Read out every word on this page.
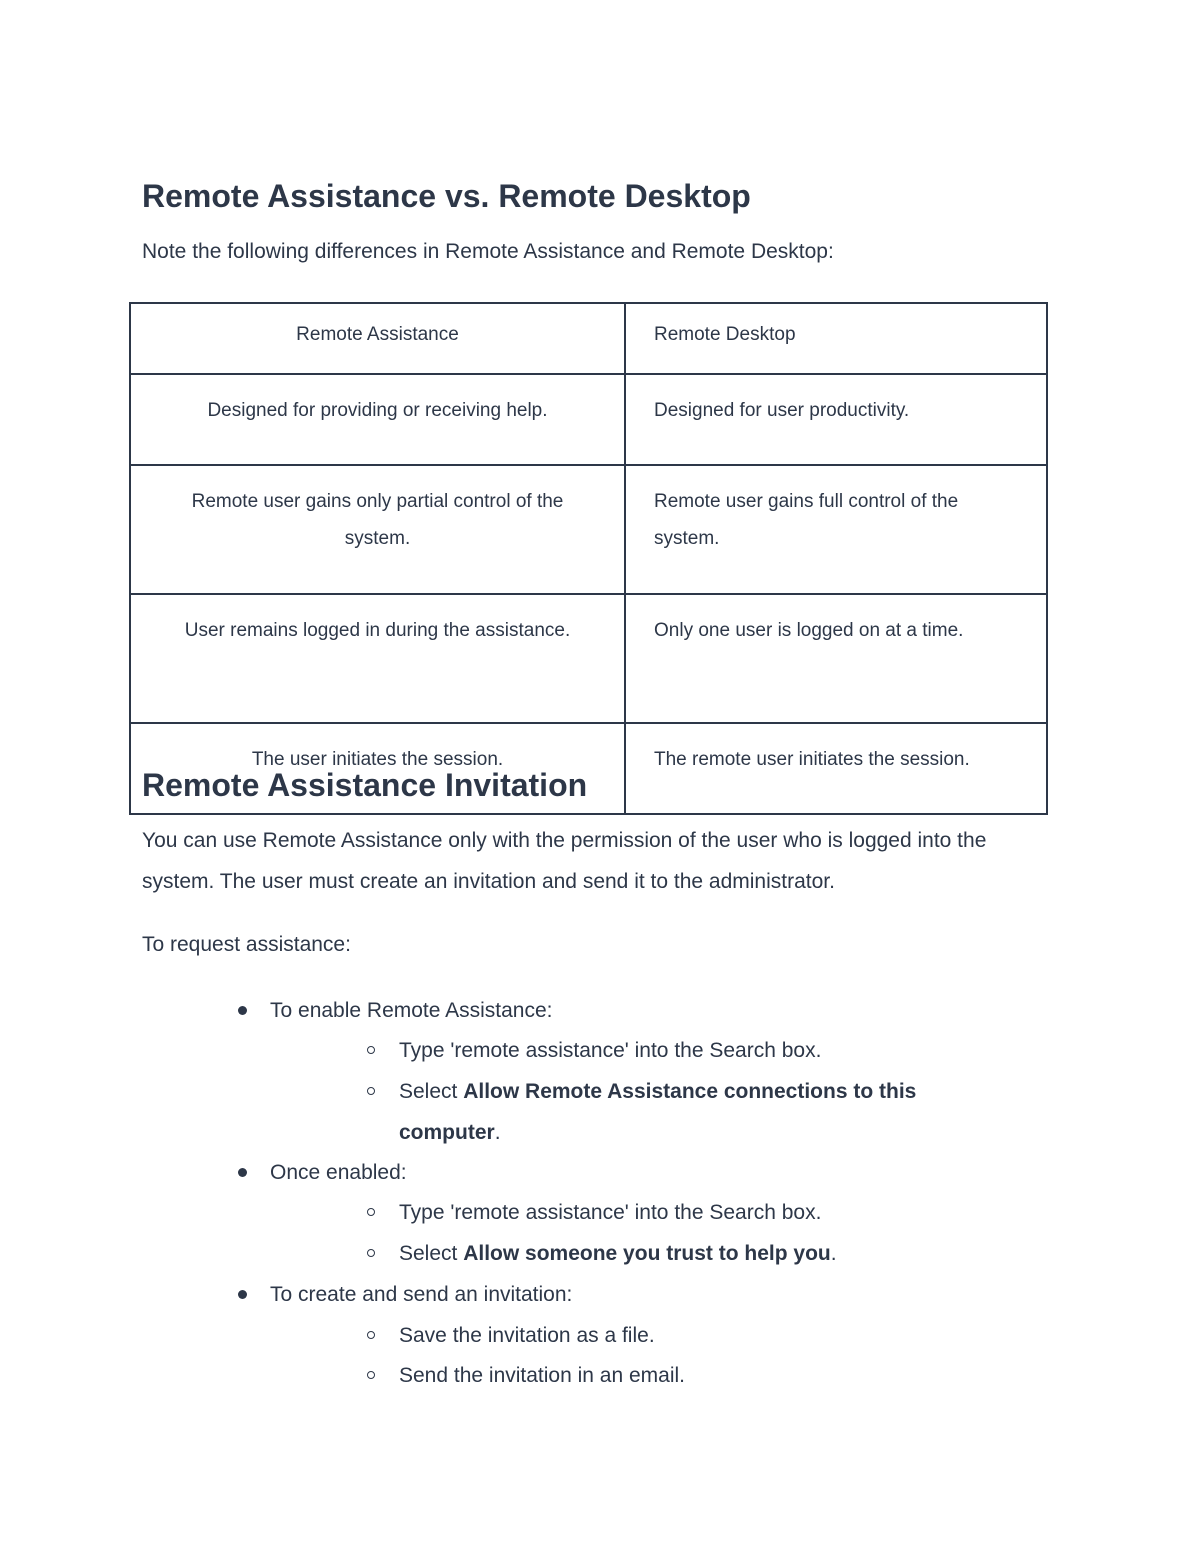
Remote Assistance vs. Remote Desktop

Note the following differences in Remote Assistance and Remote Desktop:

Remote Assistance	Remote Desktop
Designed for providing or receiving help.	Designed for user productivity.
Remote user gains only partial control of the system.	Remote user gains full control of the system.
User remains logged in during the assistance.	Only one user is logged on at a time.
The user initiates the session.	The remote user initiates the session.
Remote Assistance Invitation

You can use Remote Assistance only with the permission of the user who is logged into the system. The user must create an invitation and send it to the administrator.

To request assistance:

To enable Remote Assistance:
Type 'remote assistance' into the Search box.
Select Allow Remote Assistance connections to this computer.
Once enabled:
Type 'remote assistance' into the Search box.
Select Allow someone you trust to help you.
To create and send an invitation:
Save the invitation as a file.
Send the invitation in an email.
